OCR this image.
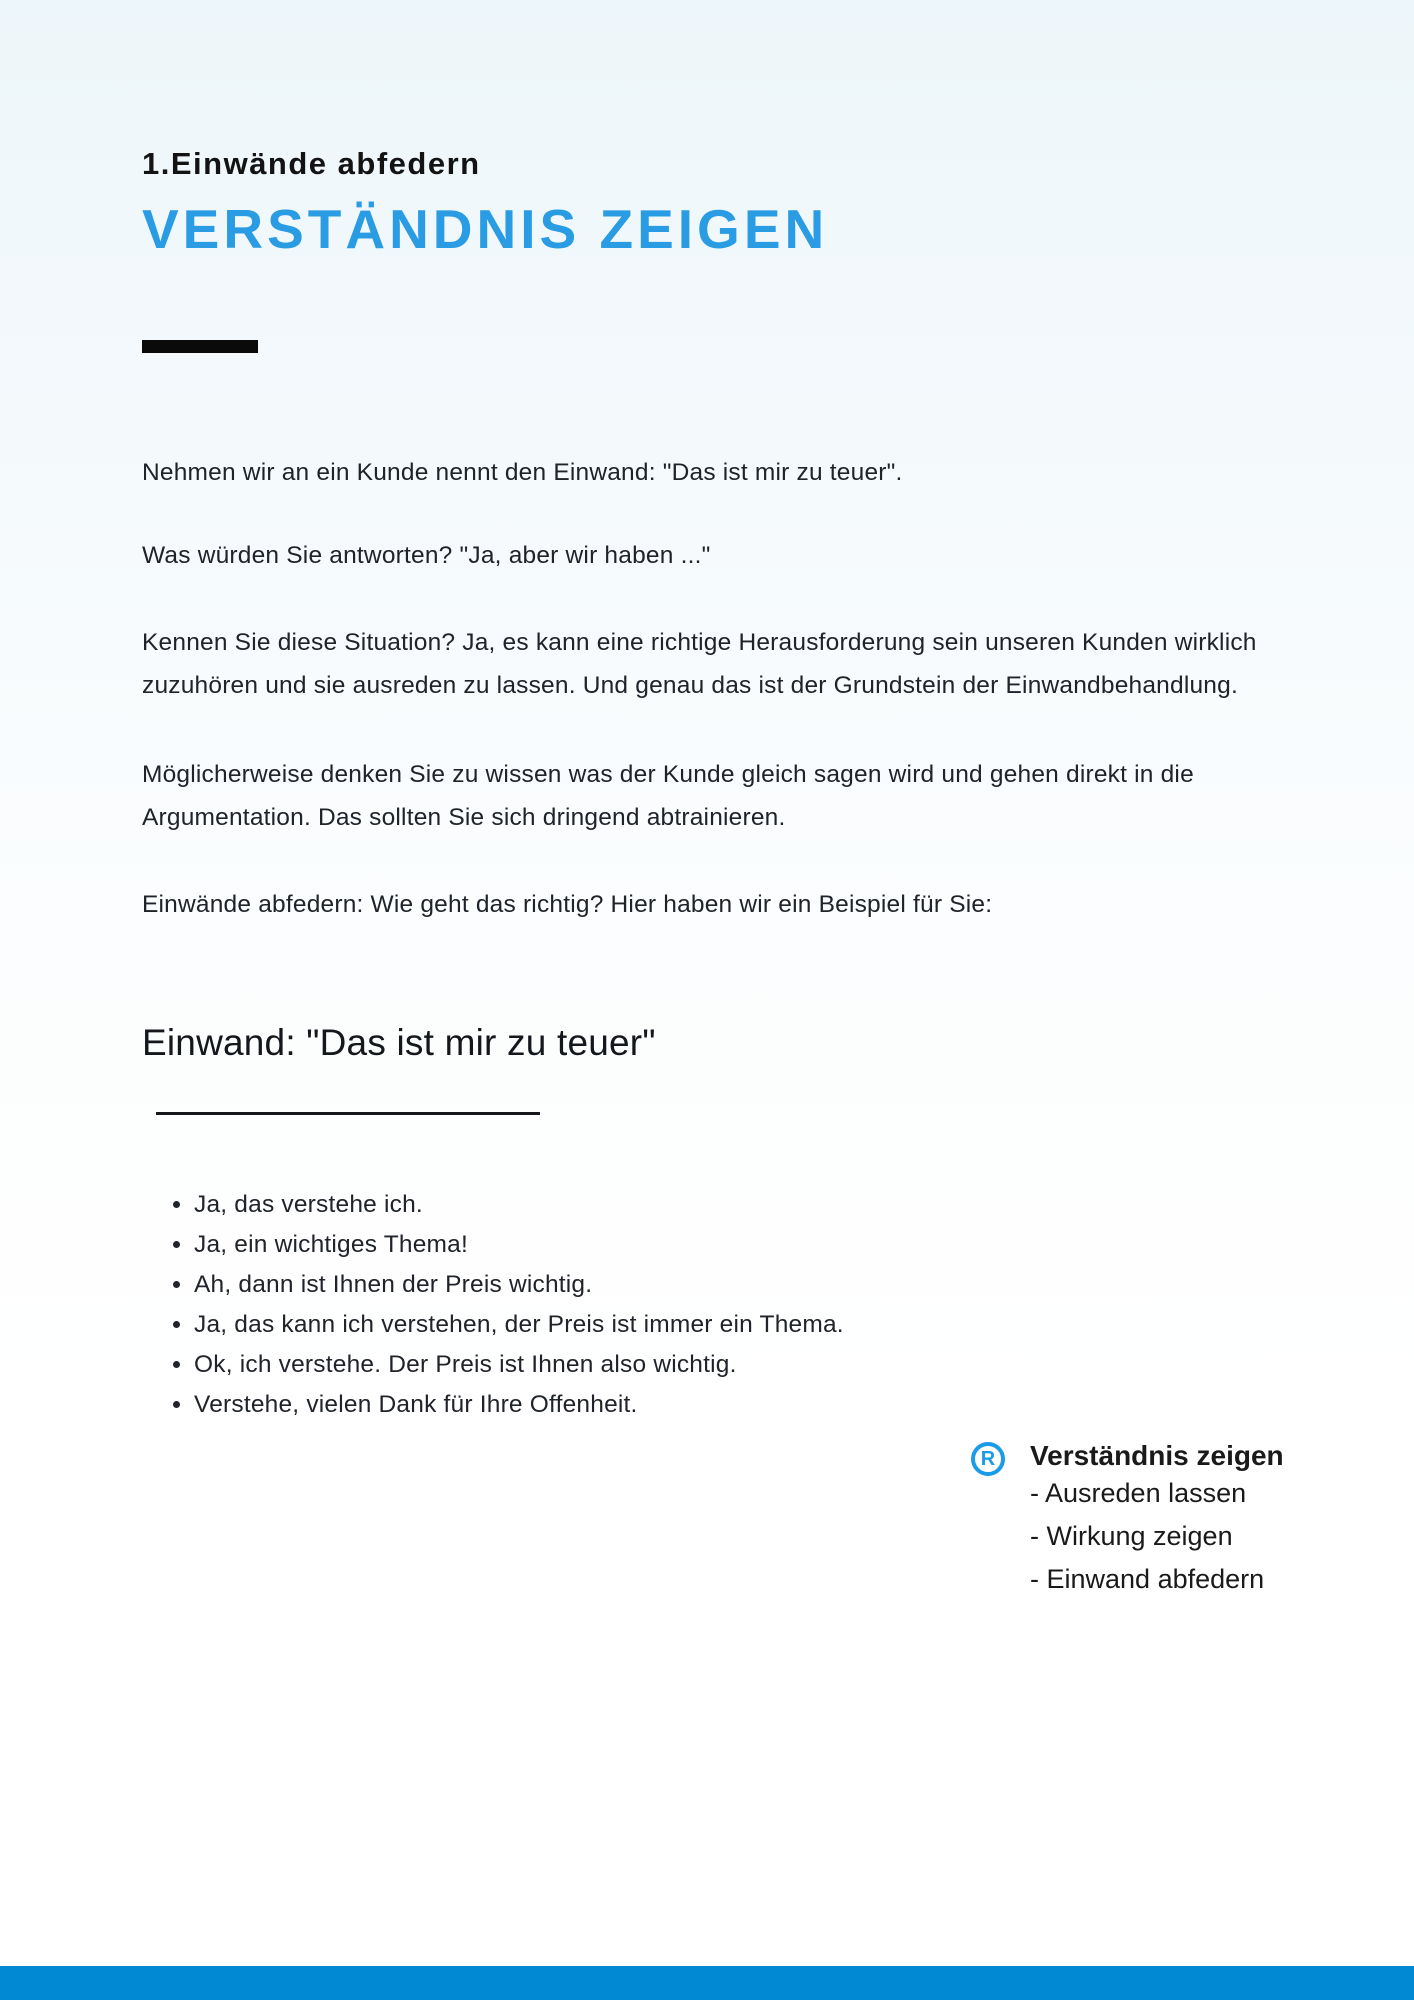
1.Einwände abfedern
VERSTÄNDNIS ZEIGEN

Nehmen wir an ein Kunde nennt den Einwand: "Das ist mir zu teuer".

Was würden Sie antworten? "Ja, aber wir haben ..."

Kennen Sie diese Situation? Ja, es kann eine richtige Herausforderung sein unseren Kunden wirklich zuzuhören und sie ausreden zu lassen. Und genau das ist der Grundstein der Einwandbehandlung.

Möglicherweise denken Sie zu wissen was der Kunde gleich sagen wird und gehen direkt in die Argumentation. Das sollten Sie sich dringend abtrainieren.

Einwände abfedern: Wie geht das richtig? Hier haben wir ein Beispiel für Sie:

Einwand: "Das ist mir zu teuer"
• Ja, das verstehe ich.
• Ja, ein wichtiges Thema!
• Ah, dann ist Ihnen der Preis wichtig.
• Ja, das kann ich verstehen, der Preis ist immer ein Thema.
• Ok, ich verstehe. Der Preis ist Ihnen also wichtig.
• Verstehe, vielen Dank für Ihre Offenheit.
R	Verständnis zeigen
- Ausreden lassen
- Wirkung zeigen
- Einwand abfedern
